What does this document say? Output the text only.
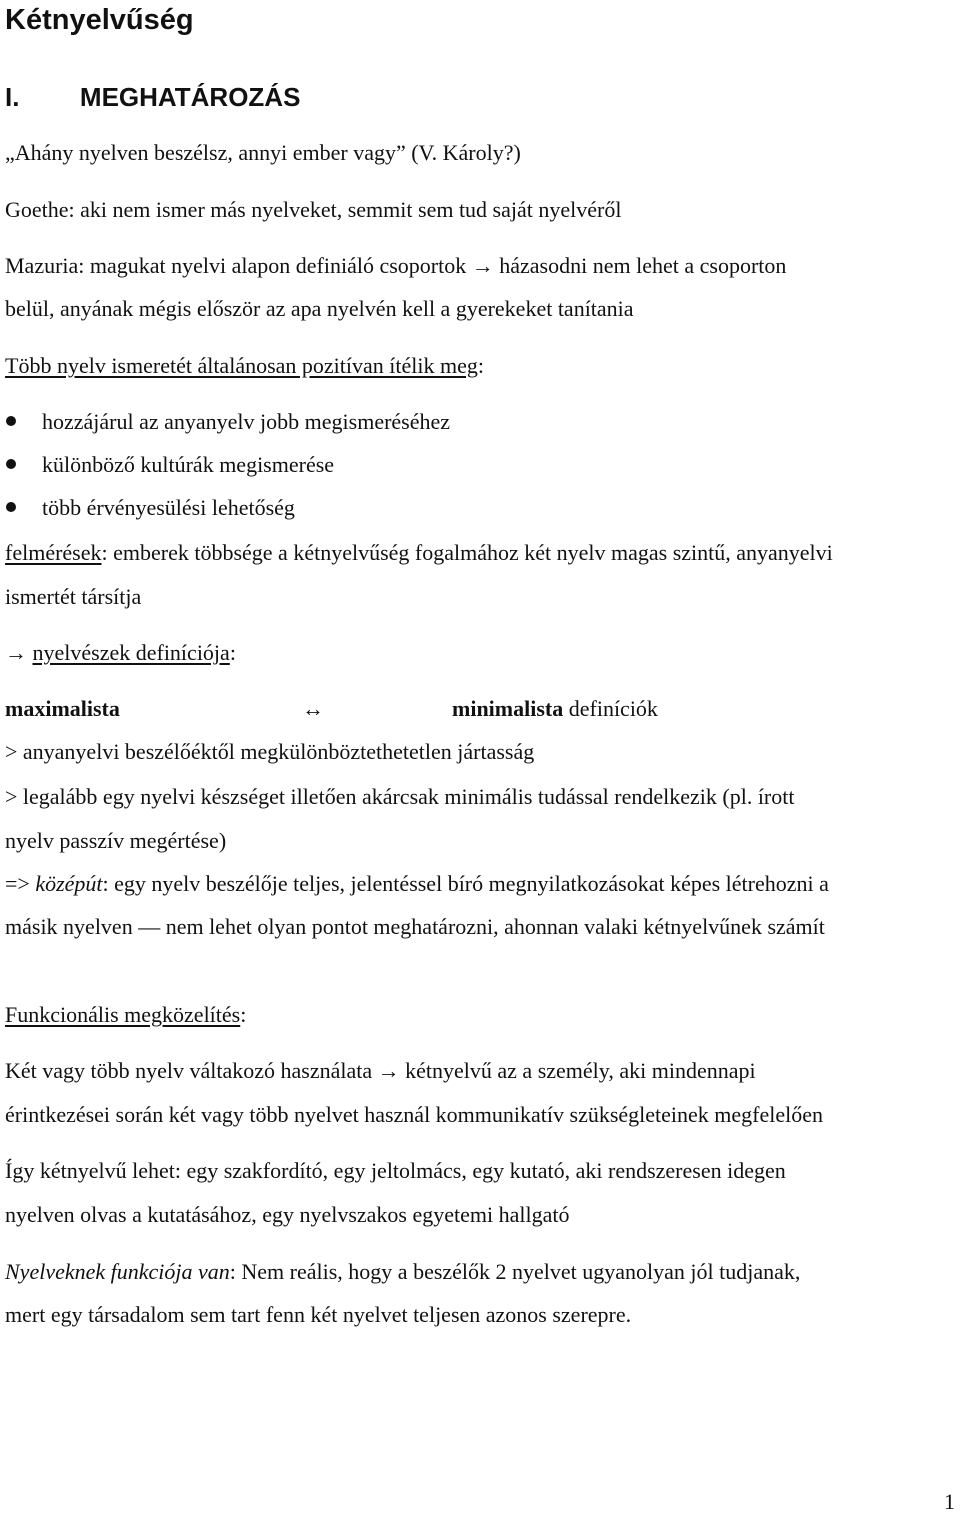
Kétnyelvűség
I. MEGHATÁROZÁS
„Ahány nyelven beszélsz, annyi ember vagy” (V. Károly?)
Goethe: aki nem ismer más nyelveket, semmit sem tud saját nyelvéről
Mazuria: magukat nyelvi alapon definiáló csoportok → házasodni nem lehet a csoporton
belül, anyának mégis először az apa nyelvén kell a gyerekeket tanítania
Több nyelv ismeretét általánosan pozitívan ítélik meg:
hozzájárul az anyanyelv jobb megismeréséhez
különböző kultúrák megismerése
több érvényesülési lehetőség
felmérések: emberek többsége a kétnyelvűség fogalmához két nyelv magas szintű, anyanyelvi
ismertét társítja
→ nyelvészek definíciója:
maximalista	↔	minimalista definíciók
> anyanyelvi beszélőéktől megkülönböztethetetlen jártasság
> legalább egy nyelvi készséget illetően akárcsak minimális tudással rendelkezik (pl. írott
nyelv passzív megértése)
=> középút: egy nyelv beszélője teljes, jelentéssel bíró megnyilatkozásokat képes létrehozni a
másik nyelven — nem lehet olyan pontot meghatározni, ahonnan valaki kétnyelvűnek számít
Funkcionális megközelítés:
Két vagy több nyelv váltakozó használata → kétnyelvű az a személy, aki mindennapi
érintkezései során két vagy több nyelvet használ kommunikatív szükségleteinek megfelelően
Így kétnyelvű lehet: egy szakfordító, egy jeltolmács, egy kutató, aki rendszeresen idegen
nyelven olvas a kutatásához, egy nyelvszakos egyetemi hallgató
Nyelveknek funkciója van: Nem reális, hogy a beszélők 2 nyelvet ugyanolyan jól tudjanak,
mert egy társadalom sem tart fenn két nyelvet teljesen azonos szerepre.
1
